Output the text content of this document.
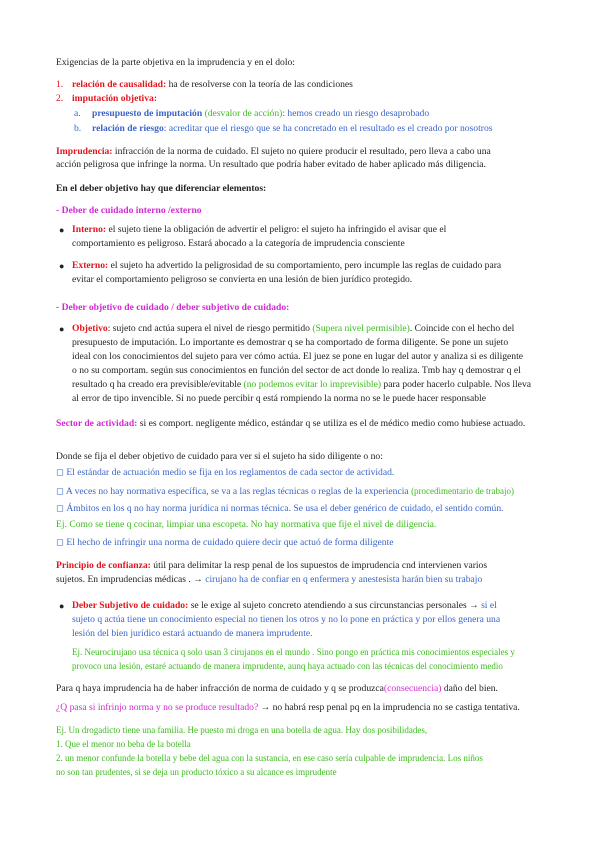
Exigencias de la parte objetiva en la imprudencia y en el dolo:
1. relación de causalidad: ha de resolverse con la teoría de las condiciones
2. imputación objetiva:
a. presupuesto de imputación (desvalor de acción): hemos creado un riesgo desaprobado
b. relación de riesgo: acreditar que el riesgo que se ha concretado en el resultado es el creado por nosotros
Imprudencia: infracción de la norma de cuidado. El sujeto no quiere producir el resultado, pero lleva a cabo una
acción peligrosa que infringe la norma. Un resultado que podría haber evitado de haber aplicado más diligencia.
En el deber objetivo hay que diferenciar elementos:
- Deber de cuidado interno /externo
● Interno: el sujeto tiene la obligación de advertir el peligro: el sujeto ha infringido el avisar que el
comportamiento es peligroso. Estará abocado a la categoría de imprudencia consciente
● Externo: el sujeto ha advertido la peligrosidad de su comportamiento, pero incumple las reglas de cuidado para
evitar el comportamiento peligroso se convierta en una lesión de bien jurídico protegido.
- Deber objetivo de cuidado / deber subjetivo de cuidado:
● Objetivo: sujeto cnd actúa supera el nivel de riesgo permitido (Supera nivel permisible). Coincide con el hecho del
presupuesto de imputación. Lo importante es demostrar q se ha comportado de forma diligente. Se pone un sujeto
ideal con los conocimientos del sujeto para ver cómo actúa. El juez se pone en lugar del autor y analiza si es diligente
o no su comportam. según sus conocimientos en función del sector de act donde lo realiza. Tmb hay q demostrar q el
resultado q ha creado era previsible/evitable (no podemos evitar lo imprevisible) para poder hacerlo culpable. Nos lleva
al error de tipo invencible. Si no puede percibir q está rompiendo la norma no se le puede hacer responsable
Sector de actividad: si es comport. negligente médico, estándar q se utiliza es el de médico medio como hubiese actuado.
Donde se fija el deber objetivo de cuidado para ver si el sujeto ha sido diligente o no:
◻ El estándar de actuación medio se fija en los reglamentos de cada sector de actividad.
◻ A veces no hay normativa específica, se va a las reglas técnicas o reglas de la experiencia (procedimentario de trabajo)
◻ Ámbitos en los q no hay norma jurídica ni normas técnica. Se usa el deber genérico de cuidado, el sentido común.
Ej. Como se tiene q cocinar, limpiar una escopeta. No hay normativa que fije el nivel de diligencia.
◻ El hecho de infringir una norma de cuidado quiere decir que actuó de forma diligente
Principio de confianza: útil para delimitar la resp penal de los supuestos de imprudencia cnd intervienen varios
sujetos. En imprudencias médicas . → cirujano ha de confiar en q enfermera y anestesista harán bien su trabajo
● Deber Subjetivo de cuidado: se le exige al sujeto concreto atendiendo a sus circunstancias personales → si el
sujeto q actúa tiene un conocimiento especial no tienen los otros y no lo pone en práctica y por ellos genera una
lesión del bien jurídico estará actuando de manera imprudente.
Ej. Neurocirujano usa técnica q solo usan 3 cirujanos en el mundo . Sino pongo en práctica mis conocimientos especiales y
provoco una lesión, estaré actuando de manera imprudente, aunq haya actuado con las técnicas del conocimiento medio
Para q haya imprudencia ha de haber infracción de norma de cuidado y q se produzca(consecuencia) daño del bien.
¿Q pasa si infrinjo norma y no se produce resultado? → no habrá resp penal pq en la imprudencia no se castiga tentativa.
Ej. Un drogadicto tiene una familia. He puesto mi droga en una botella de agua. Hay dos posibilidades,
1. Que el menor no beba de la botella
2. un menor confunde la botella y bebe del agua con la sustancia, en ese caso sería culpable de imprudencia. Los niños
no son tan prudentes, si se deja un producto tóxico a su alcance es imprudente
